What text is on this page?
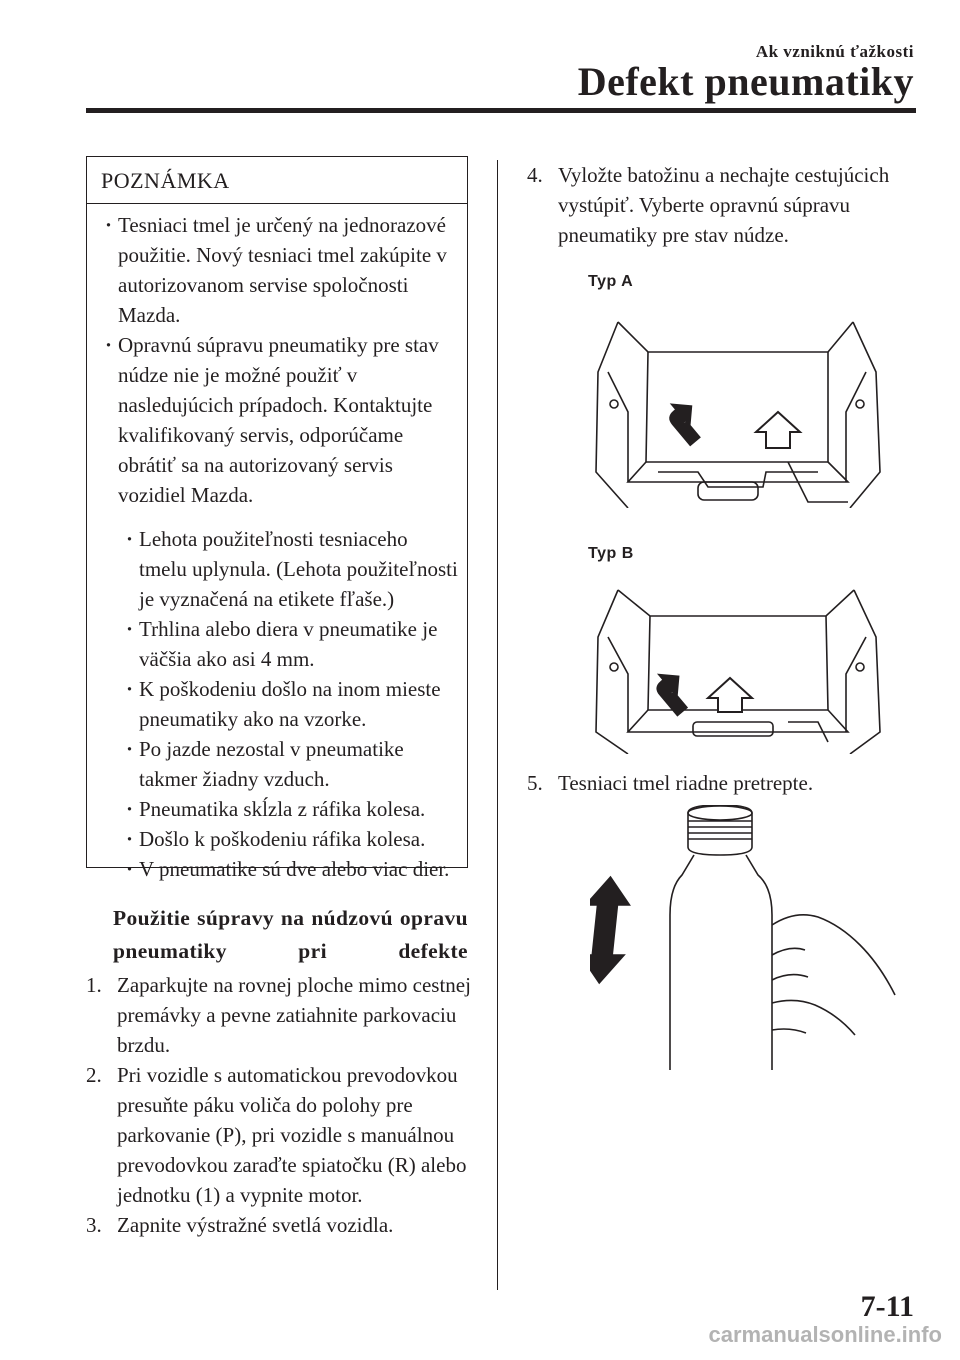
Ak vzniknú ťažkosti
Defekt pneumatiky
POZNÁMKA
· Tesniaci tmel je určený na jednorazové použitie. Nový tesniaci tmel zakúpite v autorizovanom servise spoločnosti Mazda.
· Opravnú súpravu pneumatiky pre stav núdze nie je možné použiť v nasledujúcich prípadoch. Kontaktujte kvalifikovaný servis, odporúčame obrátiť sa na autorizovaný servis vozidiel Mazda.
· Lehota použiteľnosti tesniaceho tmelu uplynula. (Lehota použiteľnosti je vyznačená na etikete fľaše.)
· Trhlina alebo diera v pneumatike je väčšia ako asi 4 mm.
· K poškodeniu došlo na inom mieste pneumatiky ako na vzorke.
· Po jazde nezostal v pneumatike takmer žiadny vzduch.
· Pneumatika skĺzla z ráfika kolesa.
· Došlo k poškodeniu ráfika kolesa.
· V pneumatike sú dve alebo viac dier.
Použitie súpravy na núdzovú opravu pneumatiky pri defekte
1. Zaparkujte na rovnej ploche mimo cestnej premávky a pevne zatiahnite parkovaciu brzdu.
2. Pri vozidle s automatickou prevodovkou presuňte páku voliča do polohy pre parkovanie (P), pri vozidle s manuálnou prevodovkou zaraďte spiatočku (R) alebo jednotku (1) a vypnite motor.
3. Zapnite výstražné svetlá vozidla.
4. Vyložte batožinu a nechajte cestujúcich vystúpiť. Vyberte opravnú súpravu pneumatiky pre stav núdze.
Typ A
Typ B
5. Tesniaci tmel riadne pretrepte.
7-11
carmanualsonline.info
